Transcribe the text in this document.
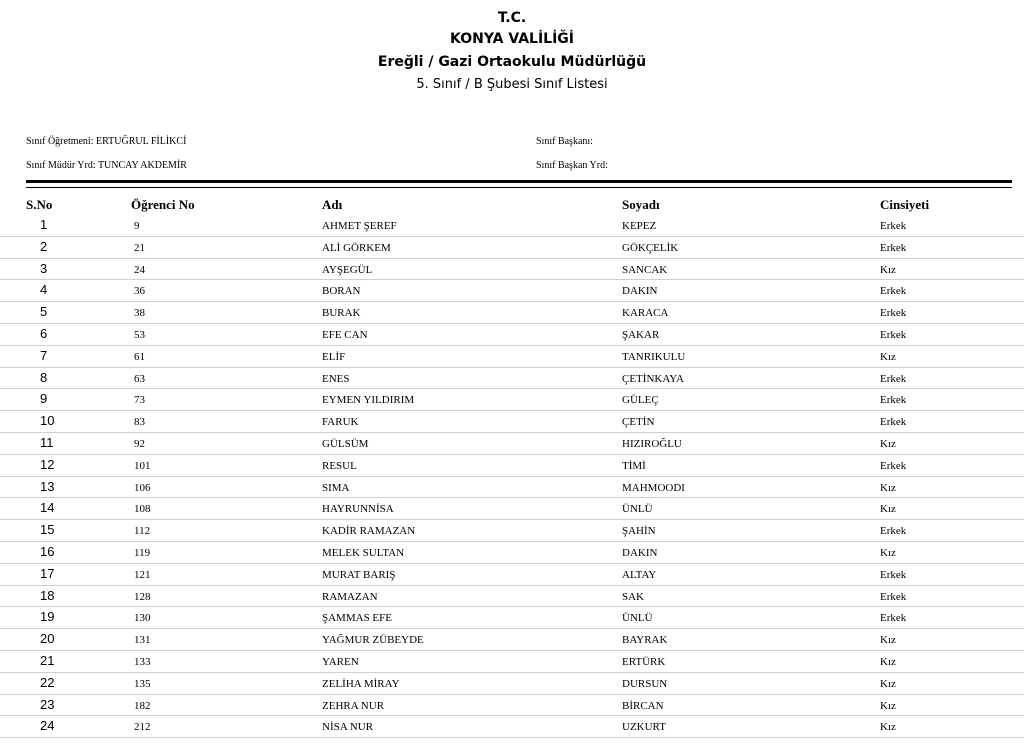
T.C.
KONYA VALİLİĞİ
Ereğli / Gazi Ortaokulu Müdürlüğü
5. Sınıf / B Şubesi Sınıf Listesi
Sınıf Öğretmeni: ERTUĞRUL FİLİKCİ
Sınıf Müdür Yrd: TUNCAY AKDEMİR
Sınıf Başkanı:
Sınıf Başkan Yrd:
S.No	Öğrenci No	Adı	Soyadı	Cinsiyeti
1	9	AHMET ŞEREF	KEPEZ	Erkek
2	21	ALİ GÖRKEM	GÖKÇELİK	Erkek
3	24	AYŞEGÜL	SANCAK	Kız
4	36	BORAN	DAKIN	Erkek
5	38	BURAK	KARACA	Erkek
6	53	EFE CAN	ŞAKAR	Erkek
7	61	ELİF	TANRIKULU	Kız
8	63	ENES	ÇETİNKAYA	Erkek
9	73	EYMEN YILDIRIM	GÜLEÇ	Erkek
10	83	FARUK	ÇETİN	Erkek
11	92	GÜLSÜM	HIZIROĞLU	Kız
12	101	RESUL	TİMİ	Erkek
13	106	SIMA	MAHMOODI	Kız
14	108	HAYRUNNİSA	ÜNLÜ	Kız
15	112	KADİR RAMAZAN	ŞAHİN	Erkek
16	119	MELEK SULTAN	DAKIN	Kız
17	121	MURAT BARIŞ	ALTAY	Erkek
18	128	RAMAZAN	SAK	Erkek
19	130	ŞAMMAS EFE	ÜNLÜ	Erkek
20	131	YAĞMUR ZÜBEYDE	BAYRAK	Kız
21	133	YAREN	ERTÜRK	Kız
22	135	ZELİHA MİRAY	DURSUN	Kız
23	182	ZEHRA NUR	BİRCAN	Kız
24	212	NİSA NUR	UZKURT	Kız
